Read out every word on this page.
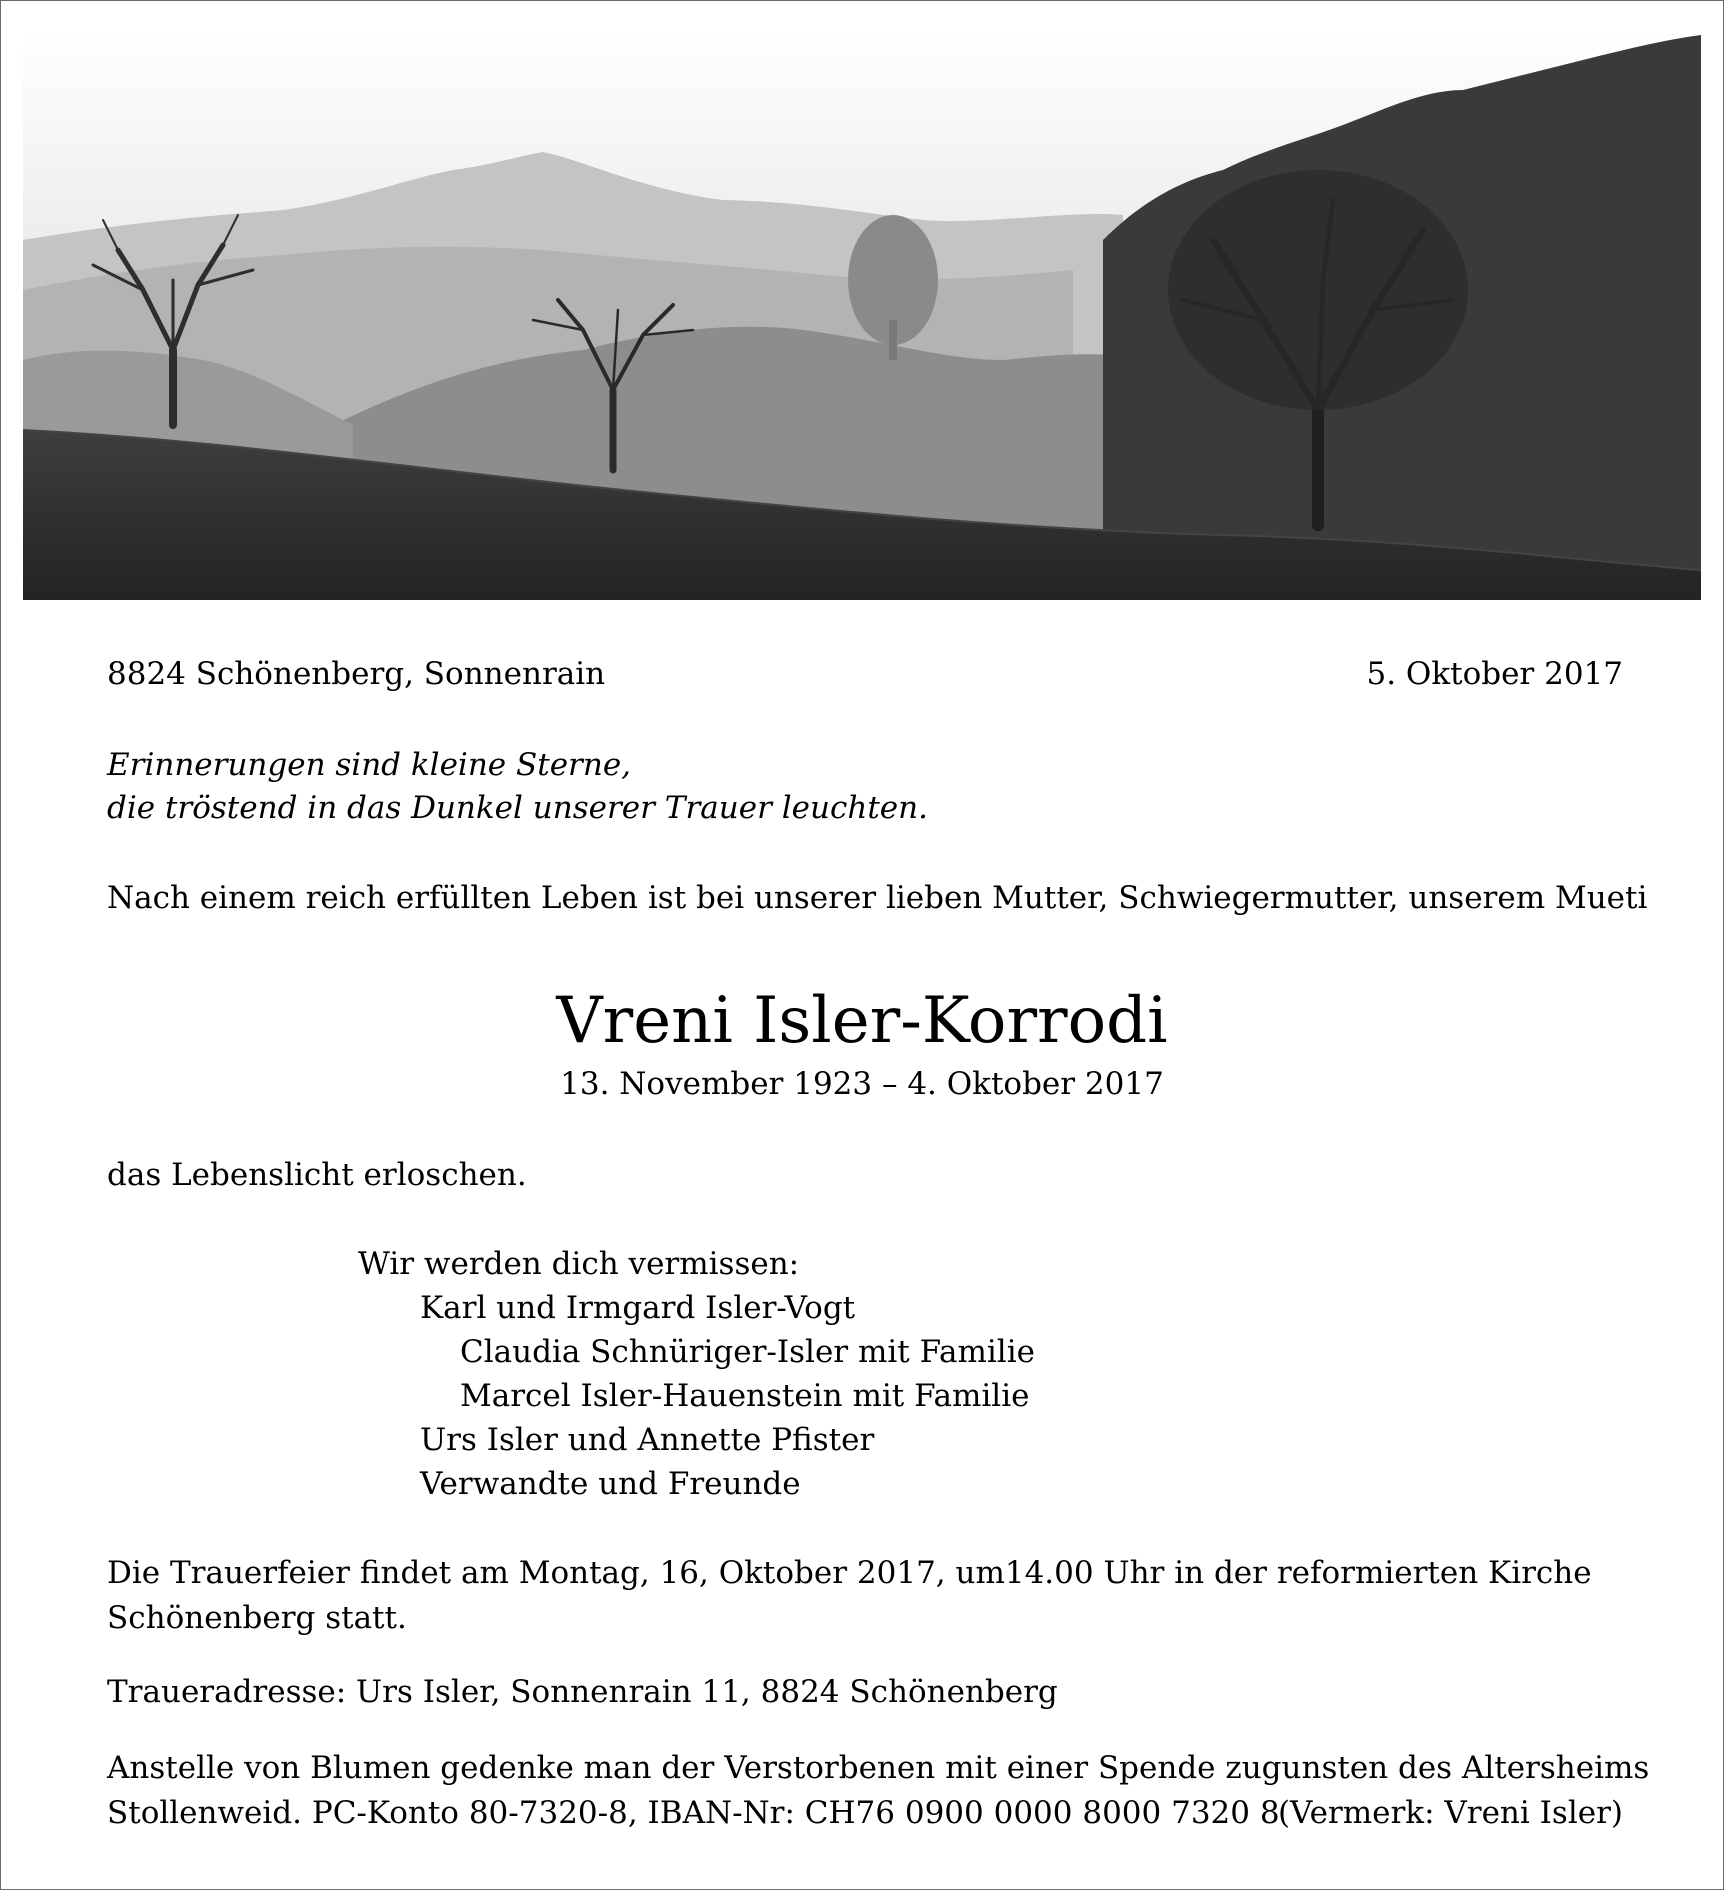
8824 Schönenberg, Sonnenrain	5. Oktober 2017
Erinnerungen sind kleine Sterne,
die tröstend in das Dunkel unserer Trauer leuchten.
Nach einem reich erfüllten Leben ist bei unserer lieben Mutter, Schwiegermutter, unserem Mueti
Vreni Isler-Korrodi
13. November 1923 – 4. Oktober 2017
das Lebenslicht erloschen.
Wir werden dich vermissen:
Karl und Irmgard Isler-Vogt
Claudia Schnüriger-Isler mit Familie
Marcel Isler-Hauenstein mit Familie
Urs Isler und Annette Pfister
Verwandte und Freunde
Die Trauerfeier findet am Montag, 16, Oktober 2017, um14.00 Uhr in der reformierten Kirche
Schönenberg statt.
Traueradresse: Urs Isler, Sonnenrain 11, 8824 Schönenberg
Anstelle von Blumen gedenke man der Verstorbenen mit einer Spende zugunsten des Altersheims
Stollenweid. PC-Konto 80-7320-8, IBAN-Nr: CH76 0900 0000 8000 7320 8
(Vermerk: Vreni Isler)
